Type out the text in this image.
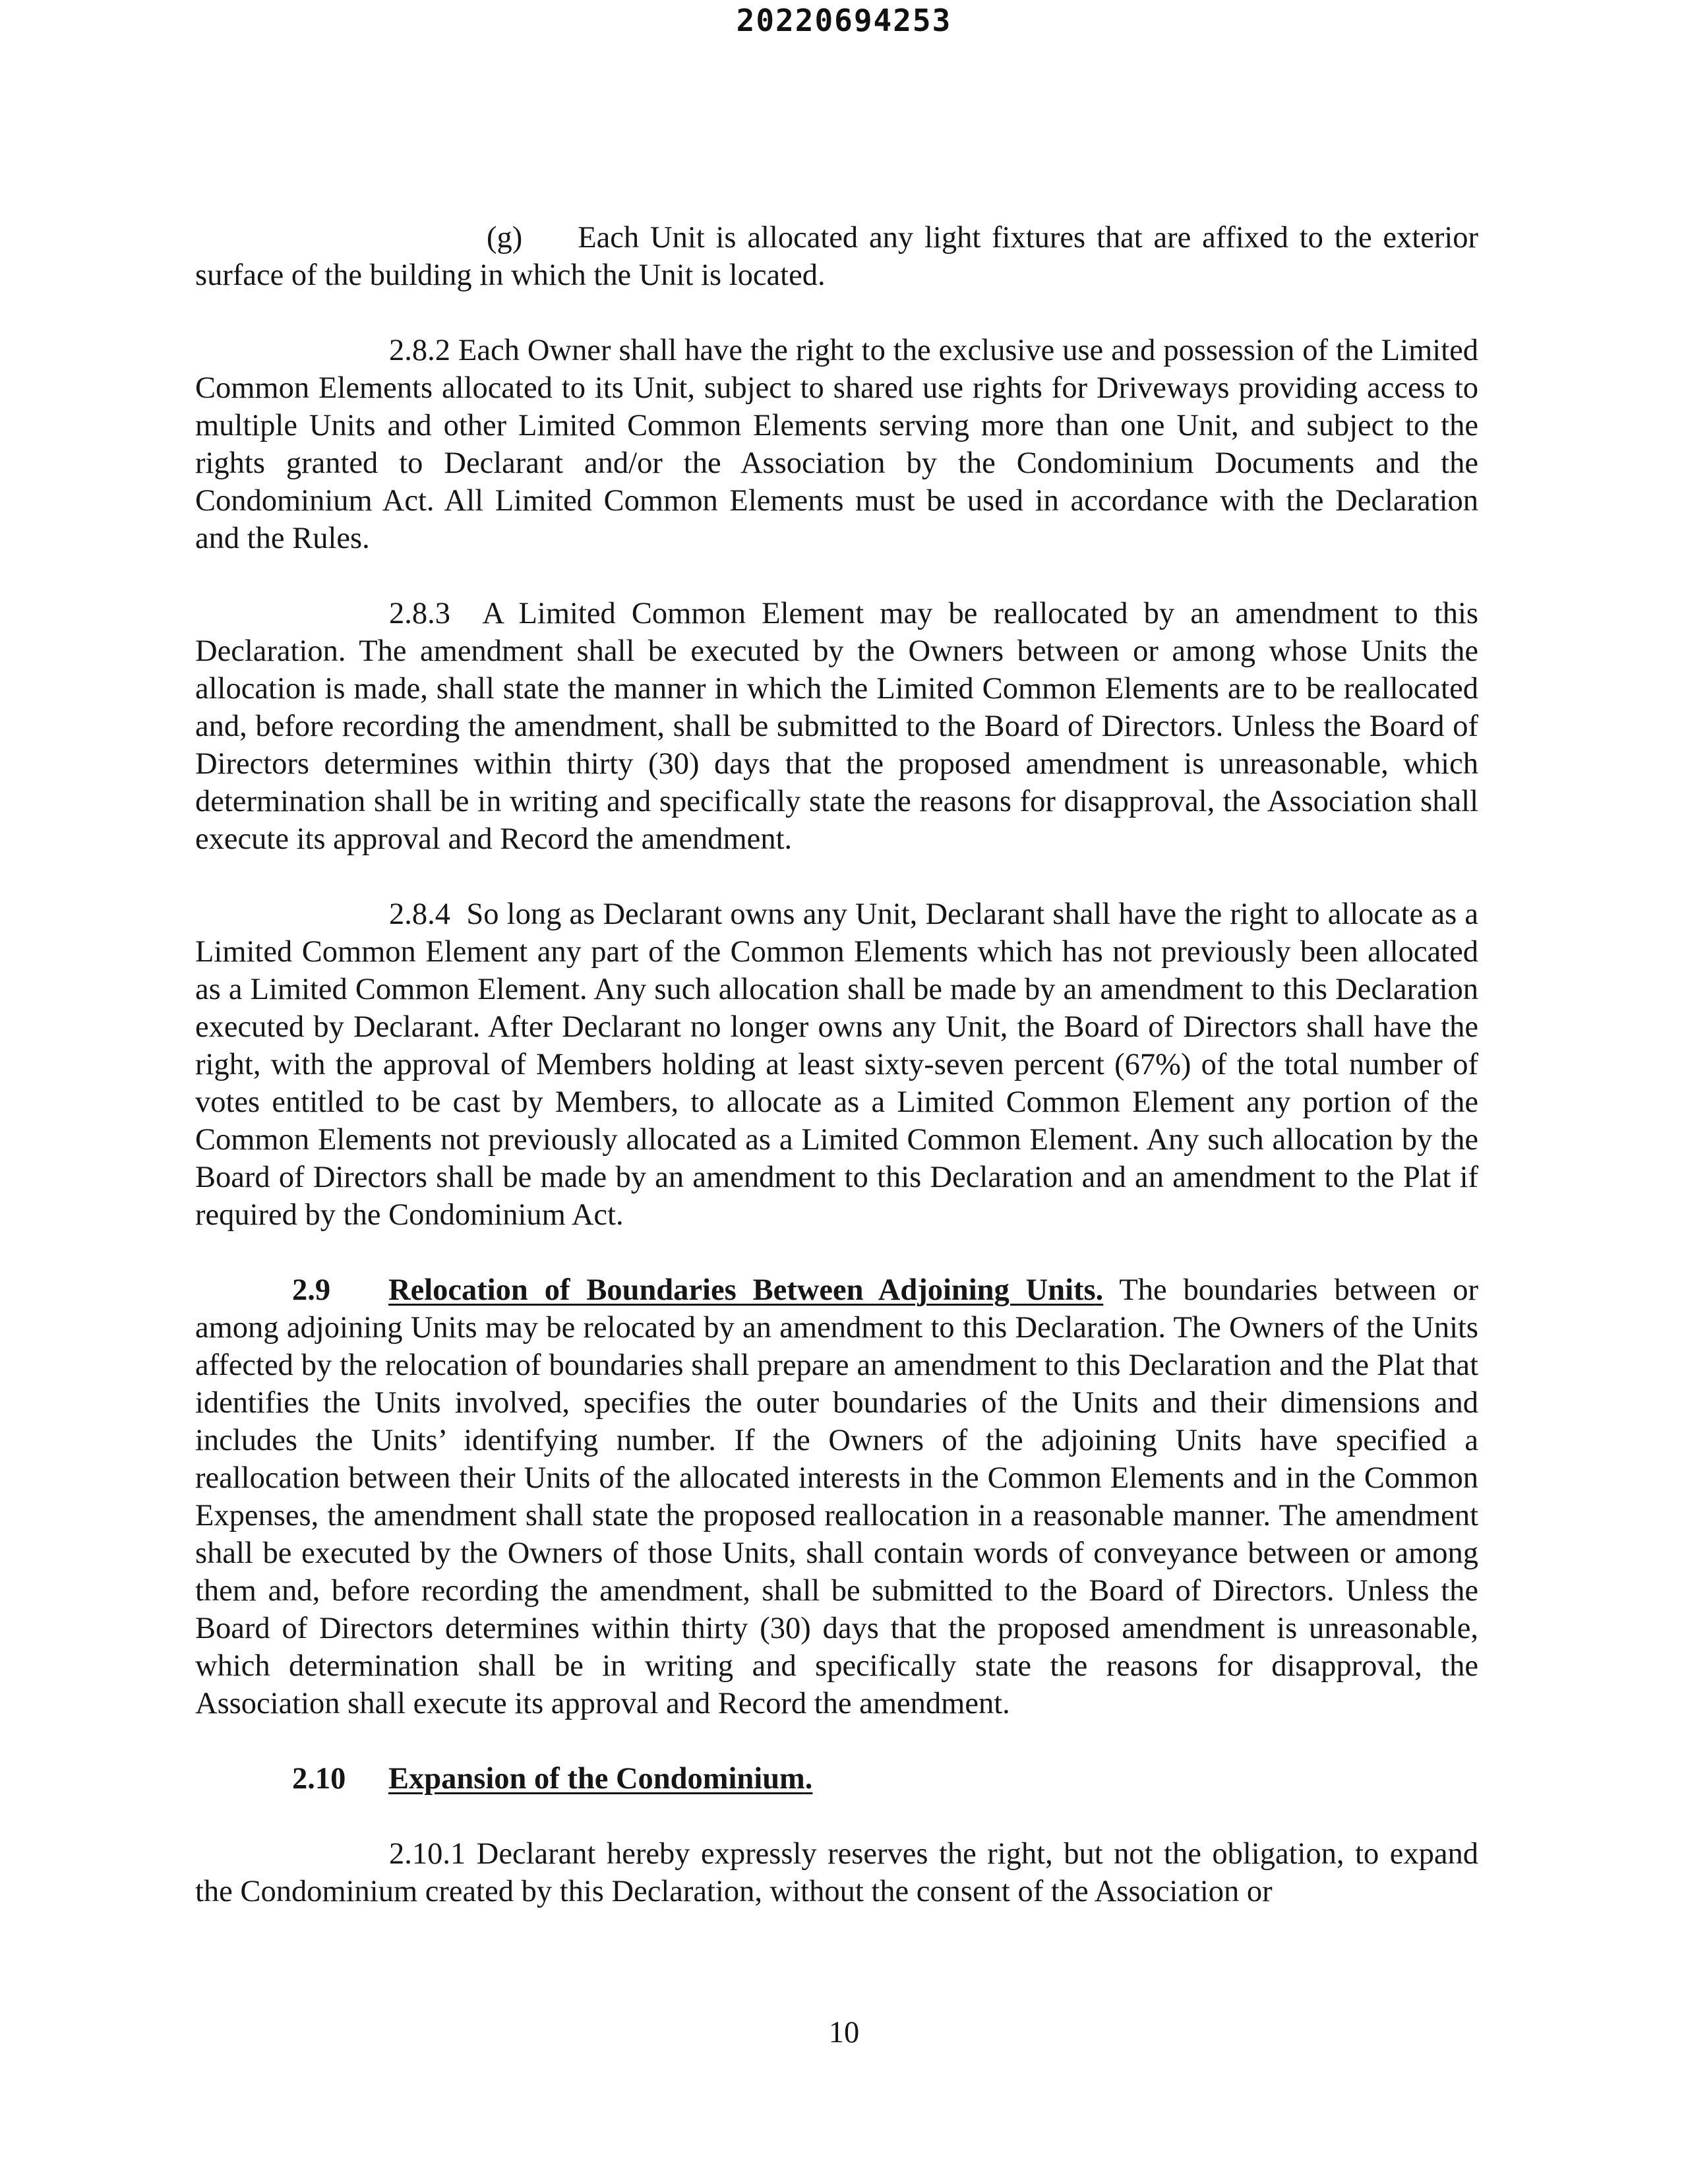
20220694253

(g) Each Unit is allocated any light fixtures that are affixed to the exterior surface of the building in which the Unit is located.

2.8.2 Each Owner shall have the right to the exclusive use and possession of the Limited Common Elements allocated to its Unit, subject to shared use rights for Driveways providing access to multiple Units and other Limited Common Elements serving more than one Unit, and subject to the rights granted to Declarant and/or the Association by the Condominium Documents and the Condominium Act. All Limited Common Elements must be used in accordance with the Declaration and the Rules.

2.8.3 A Limited Common Element may be reallocated by an amendment to this Declaration. The amendment shall be executed by the Owners between or among whose Units the allocation is made, shall state the manner in which the Limited Common Elements are to be reallocated and, before recording the amendment, shall be submitted to the Board of Directors. Unless the Board of Directors determines within thirty (30) days that the proposed amendment is unreasonable, which determination shall be in writing and specifically state the reasons for disapproval, the Association shall execute its approval and Record the amendment.

2.8.4 So long as Declarant owns any Unit, Declarant shall have the right to allocate as a Limited Common Element any part of the Common Elements which has not previously been allocated as a Limited Common Element. Any such allocation shall be made by an amendment to this Declaration executed by Declarant. After Declarant no longer owns any Unit, the Board of Directors shall have the right, with the approval of Members holding at least sixty-seven percent (67%) of the total number of votes entitled to be cast by Members, to allocate as a Limited Common Element any portion of the Common Elements not previously allocated as a Limited Common Element. Any such allocation by the Board of Directors shall be made by an amendment to this Declaration and an amendment to the Plat if required by the Condominium Act.

2.9 Relocation of Boundaries Between Adjoining Units. The boundaries between or among adjoining Units may be relocated by an amendment to this Declaration. The Owners of the Units affected by the relocation of boundaries shall prepare an amendment to this Declaration and the Plat that identifies the Units involved, specifies the outer boundaries of the Units and their dimensions and includes the Units’ identifying number. If the Owners of the adjoining Units have specified a reallocation between their Units of the allocated interests in the Common Elements and in the Common Expenses, the amendment shall state the proposed reallocation in a reasonable manner. The amendment shall be executed by the Owners of those Units, shall contain words of conveyance between or among them and, before recording the amendment, shall be submitted to the Board of Directors. Unless the Board of Directors determines within thirty (30) days that the proposed amendment is unreasonable, which determination shall be in writing and specifically state the reasons for disapproval, the Association shall execute its approval and Record the amendment.

2.10 Expansion of the Condominium.

2.10.1 Declarant hereby expressly reserves the right, but not the obligation, to expand the Condominium created by this Declaration, without the consent of the Association or

10
